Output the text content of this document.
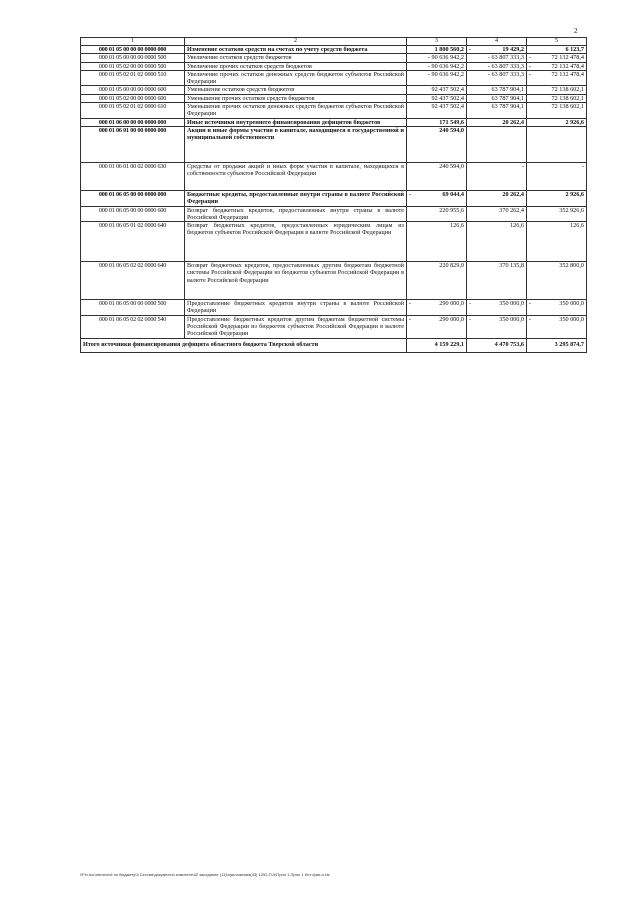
2
1	2	3	4	5
000 01 05 00 00 00 0000 000	Изменение остатков средств на счетах по учету средств бюджета	1 800 560,2	- 19 429,2	6 123,7

000 01 05 00 00 00 0000 500	Увеличение остатков средств бюджетов	- 90 636 942,2	- 63 807 333,3	- 72 132 478,4

000 01 05 02 00 00 0000 500	Увеличение прочих остатков средств бюджетов	- 90 636 942,2	- 63 807 333,3	- 72 132 478,4

000 01 05 02 01 02 0000 510	Увеличение прочих остатков денежных средств бюджетов субъектов Российской Федерации	- 90 636 942,2	- 63 807 333,3	- 72 132 478,4

000 01 05 00 00 00 0000 600	Уменьшение остатков средств бюджетов	92 437 502,4	63 787 904,1	72 138 602,1

000 01 05 02 00 00 0000 600	Уменьшение прочих остатков средств бюджетов	92 437 502,4	63 787 904,1	72 138 602,1

000 01 05 02 01 02 0000 610	Уменьшение прочих остатков денежных средств бюджетов субъектов Российской Федерации	92 437 502,4	63 787 904,1	72 138 602,1

000 01 06 00 00 00 0000 000	Иные источники внутреннего финансирования дефицитов бюджетов	171 549,6	20 262,4	2 926,6

000 01 06 01 00 00 0000 000	Акции и иные формы участия в капитале, находящиеся в государственной и муниципальной собственности	240 594,0		

000 01 06 01 00 02 0000 630	Средства от продажи акций и иных форм участия в капитале, находящихся в собственности субъектов Российской Федерации	240 594,0	-	-

000 01 06 05 00 00 0000 000	Бюджетные кредиты, предоставленные внутри страны в валюте Российской Федерации	- 69 044,4	20 262,4	2 926,6

000 01 06 05 00 00 0000 600	Возврат бюджетных кредитов, предоставленных внутри страны в валюте Российской Федерации	220 955,6	370 262,4	352 926,6

000 01 06 05 01 02 0000 640	Возврат бюджетных кредитов, предоставленных юридическим лицам из бюджетов субъектов Российской Федерации в валюте Российской Федерации	126,6	126,6	126,6

000 01 06 05 02 02 0000 640	Возврат бюджетных кредитов, предоставленных другим бюджетам бюджетной системы Российской Федерации из бюджетов субъектов Российской Федерации в валюте Российской Федерации	220 829,0	370 135,8	352 800,0

000 01 06 05 00 00 0000 500	Предоставление бюджетных кредитов внутри страны в валюте Российской Федерации	- 290 000,0	- 350 000,0	- 350 000,0

000 01 06 05 02 02 0000 540	Предоставление бюджетных кредитов другим бюджетам бюджетной системы Российской Федерации из бюджетов субъектов Российской Федерации в валюте Российской Федерации	- 290 000,0	- 350 000,0	- 350 000,0

Итого источники финансирования дефицита областного бюджета Тверской области		4 159 229,1	4 470 753,6	3 295 874,7
\\Fin-kor\obmen\ot по бюджету\3.Сессия\документы комитета\42 заседание (11)\приложения(43) 1292-П-5\Прил 1 Прил 1 Ист фин-я.xls
